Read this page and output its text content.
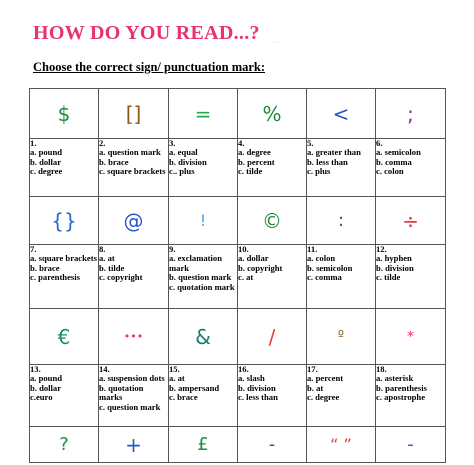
HOW DO YOU READ...?	·····

Choose the correct sign/ punctuation mark:

$	[]	=	%	<	;

1.
a. pound
b. dollar
c. degree	2.
a. question mark
b. brace
c. square brackets	3.
a. equal
b. division
c.. plus	4.
a. degree
b. percent
c. tilde	5.
a. greater than
b. less than
c. plus	6.
a. semicolon
b. comma
c. colon

{}	@	!	©	:	÷

7.
a. square brackets
b. brace
c. parenthesis	8.
a. at
b. tilde
c. copyright	9.
a. exclamation mark
b. question mark
c. quotation mark	10.
a. dollar
b. copyright
c. at	11.
a. colon
b. semicolon
c. comma	12.
a. hyphen
b. division
c. tilde

€	•••	&	/	º	*

13.
a. pound
b. dollar
c.euro	14.
a. suspension dots
b. quotation marks
c. question mark	15.
a. at
b. ampersand
c. brace	16.
a. slash
b. division
c. less than	17.
a. percent
b. at
c. degree	18.
a. asterisk
b. parenthesis
c. apostrophe

?	+	£	-	“ ”	-
